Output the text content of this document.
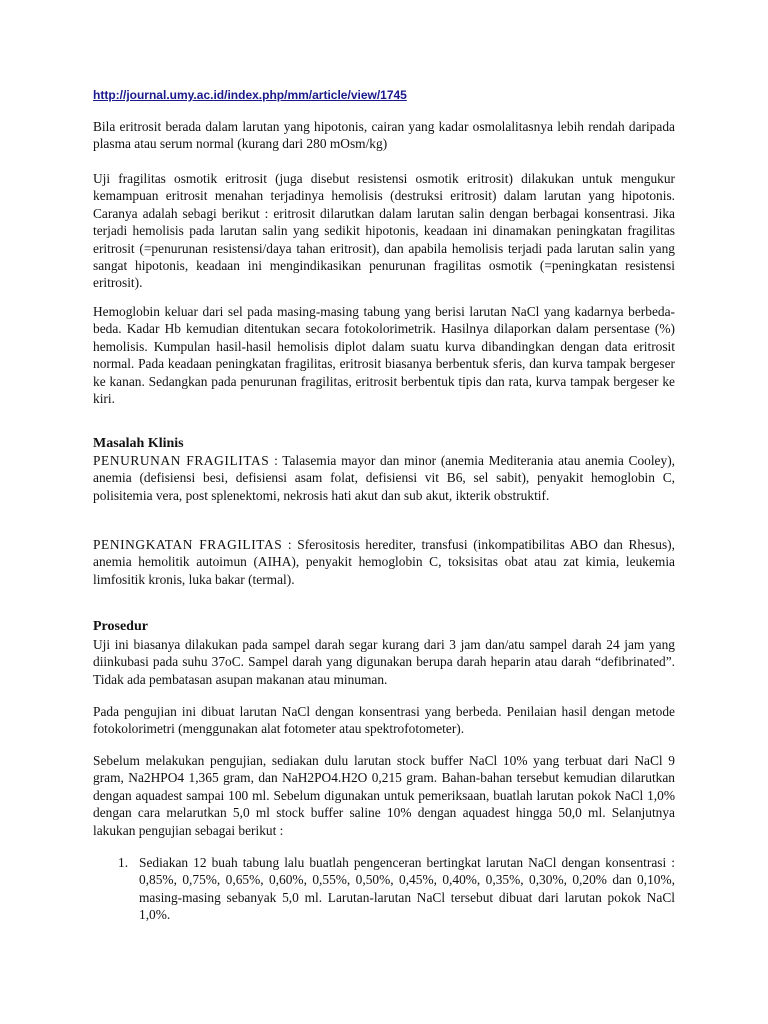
http://journal.umy.ac.id/index.php/mm/article/view/1745

Bila eritrosit berada dalam larutan yang hipotonis, cairan yang kadar osmolalitasnya lebih rendah daripada plasma atau serum normal (kurang dari 280 mOsm/kg)

Uji fragilitas osmotik eritrosit (juga disebut resistensi osmotik eritrosit) dilakukan untuk mengukur kemampuan eritrosit menahan terjadinya hemolisis (destruksi eritrosit) dalam larutan yang hipotonis. Caranya adalah sebagi berikut : eritrosit dilarutkan dalam larutan salin dengan berbagai konsentrasi. Jika terjadi hemolisis pada larutan salin yang sedikit hipotonis, keadaan ini dinamakan peningkatan fragilitas eritrosit (=penurunan resistensi/daya tahan eritrosit), dan apabila hemolisis terjadi pada larutan salin yang sangat hipotonis, keadaan ini mengindikasikan penurunan fragilitas osmotik (=peningkatan resistensi eritrosit).

Hemoglobin keluar dari sel pada masing-masing tabung yang berisi larutan NaCl yang kadarnya berbeda-beda. Kadar Hb kemudian ditentukan secara fotokolorimetrik. Hasilnya dilaporkan dalam persentase (%) hemolisis. Kumpulan hasil-hasil hemolisis diplot dalam suatu kurva dibandingkan dengan data eritrosit normal. Pada keadaan peningkatan fragilitas, eritrosit biasanya berbentuk sferis, dan kurva tampak bergeser ke kanan. Sedangkan pada penurunan fragilitas, eritrosit berbentuk tipis dan rata, kurva tampak bergeser ke kiri.

Masalah Klinis

PENURUNAN FRAGILITAS : Talasemia mayor dan minor (anemia Mediterania atau anemia Cooley), anemia (defisiensi besi, defisiensi asam folat, defisiensi vit B6, sel sabit), penyakit hemoglobin C, polisitemia vera, post splenektomi, nekrosis hati akut dan sub akut, ikterik obstruktif.

PENINGKATAN FRAGILITAS : Sferositosis herediter, transfusi (inkompatibilitas ABO dan Rhesus), anemia hemolitik autoimun (AIHA), penyakit hemoglobin C, toksisitas obat atau zat kimia, leukemia limfositik kronis, luka bakar (termal).

Prosedur

Uji ini biasanya dilakukan pada sampel darah segar kurang dari 3 jam dan/atu sampel darah 24 jam yang diinkubasi pada suhu 37oC. Sampel darah yang digunakan berupa darah heparin atau darah “defibrinated”. Tidak ada pembatasan asupan makanan atau minuman.

Pada pengujian ini dibuat larutan NaCl dengan konsentrasi yang berbeda. Penilaian hasil dengan metode fotokolorimetri (menggunakan alat fotometer atau spektrofotometer).

Sebelum melakukan pengujian, sediakan dulu larutan stock buffer NaCl 10% yang terbuat dari NaCl 9 gram, Na2HPO4 1,365 gram, dan NaH2PO4.H2O 0,215 gram. Bahan-bahan tersebut kemudian dilarutkan dengan aquadest sampai 100 ml. Sebelum digunakan untuk pemeriksaan, buatlah larutan pokok NaCl 1,0% dengan cara melarutkan 5,0 ml stock buffer saline 10% dengan aquadest hingga 50,0 ml. Selanjutnya lakukan pengujian sebagai berikut :

1. Sediakan 12 buah tabung lalu buatlah pengenceran bertingkat larutan NaCl dengan konsentrasi : 0,85%, 0,75%, 0,65%, 0,60%, 0,55%, 0,50%, 0,45%, 0,40%, 0,35%, 0,30%, 0,20% dan 0,10%, masing-masing sebanyak 5,0 ml. Larutan-larutan NaCl tersebut dibuat dari larutan pokok NaCl 1,0%.
